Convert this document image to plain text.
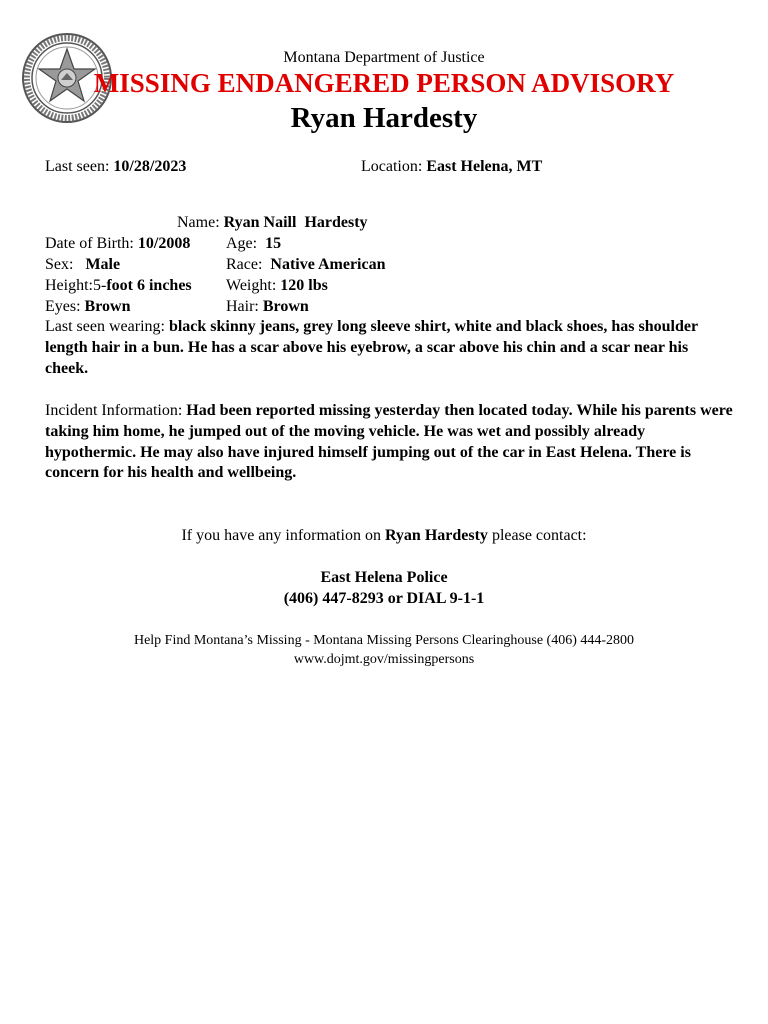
Montana Department of Justice
MISSING ENDANGERED PERSON ADVISORY
Ryan Hardesty
Last seen: 10/28/2023	Location: East Helena, MT
Name: Ryan Naill  Hardesty
Date of Birth: 10/2008 Age: 15
Sex: Male	Race: Native American
Height:5-foot 6 inches Weight: 120 lbs
Eyes: Brown	Hair: Brown
Last seen wearing: black skinny jeans, grey long sleeve shirt, white and black shoes, has shoulder length hair in a bun. He has a scar above his eyebrow, a scar above his chin and a scar near his cheek.
Incident Information: Had been reported missing yesterday then located today. While his parents were taking him home, he jumped out of the moving vehicle. He was wet and possibly already hypothermic. He may also have injured himself jumping out of the car in East Helena. There is concern for his health and wellbeing.
If you have any information on Ryan Hardesty please contact:
East Helena Police
(406) 447-8293 or DIAL 9-1-1
Help Find Montana’s Missing - Montana Missing Persons Clearinghouse (406) 444-2800
www.dojmt.gov/missingpersons
